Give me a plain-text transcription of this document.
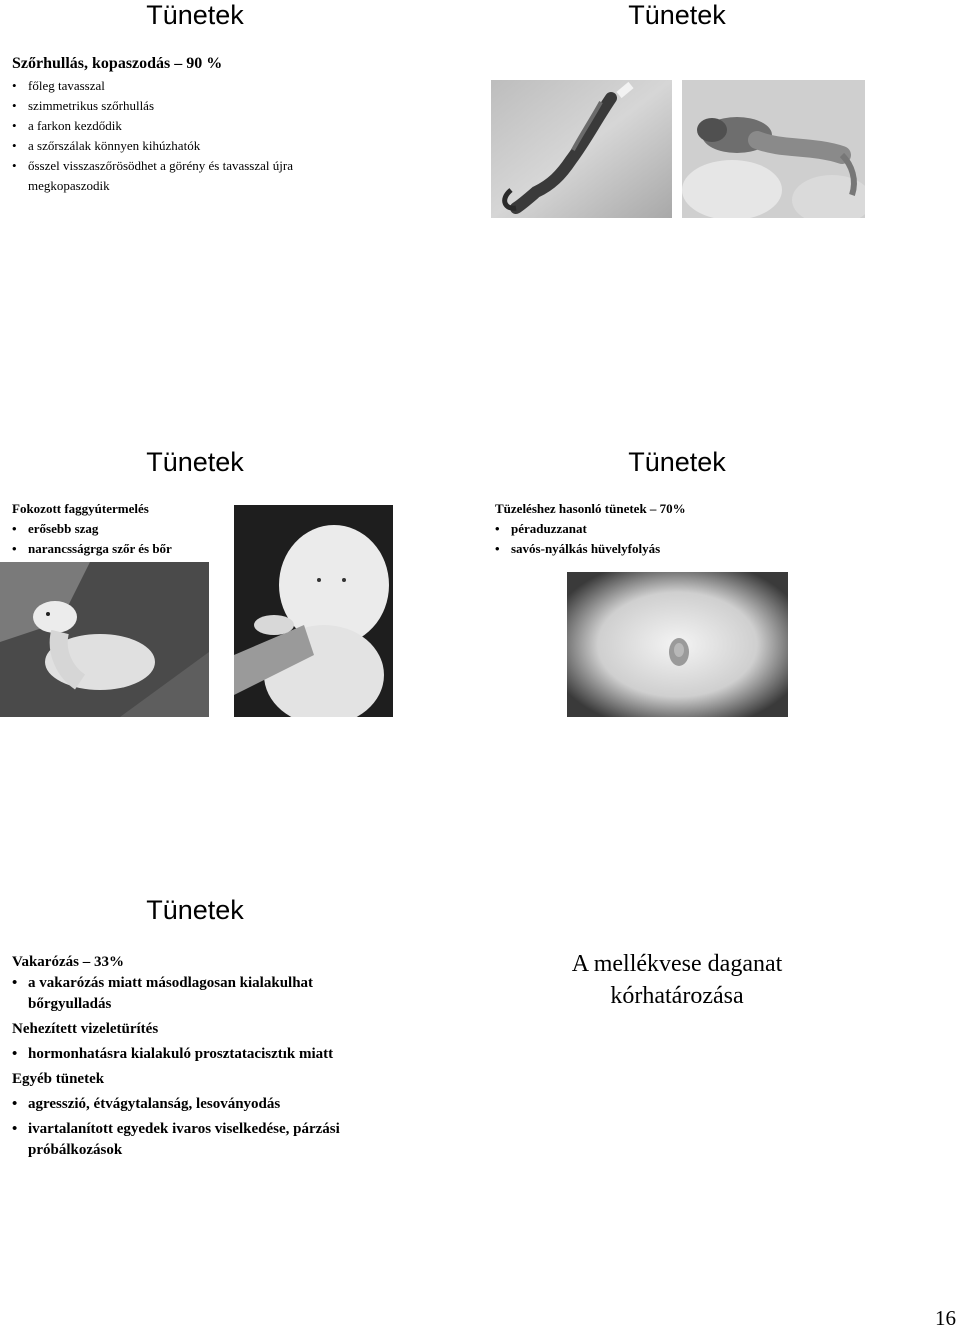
Tünetek
Szőrhullás, kopaszodás – 90 %
• főleg tavasszal
• szimmetrikus szőrhullás
• a farkon kezdődik
• a szőrszálak könnyen kihúzhatók
• ősszel visszaszőrösödhet a görény és tavasszal újra megkopaszodik
Tünetek
Tünetek
Fokozott faggyútermelés
• erősebb szag
• narancsságrga szőr és bőr
Tünetek
Tüzeléshez hasonló tünetek – 70%
• péraduzzanat
• savós-nyálkás hüvelyfolyás
Tünetek
Vakarózás – 33%
• a vakarózás miatt másodlagosan kialakulhat bőrgyulladás
Nehezített vizeletürítés
• hormonhatásra kialakuló prosztatacisztık miatt
Egyéb tünetek
• agresszió, étvágytalanság, lesoványodás
• ivartalanított egyedek ivaros viselkedése, párzási próbálkozások
A mellékvese daganat
kórhatározása
16
